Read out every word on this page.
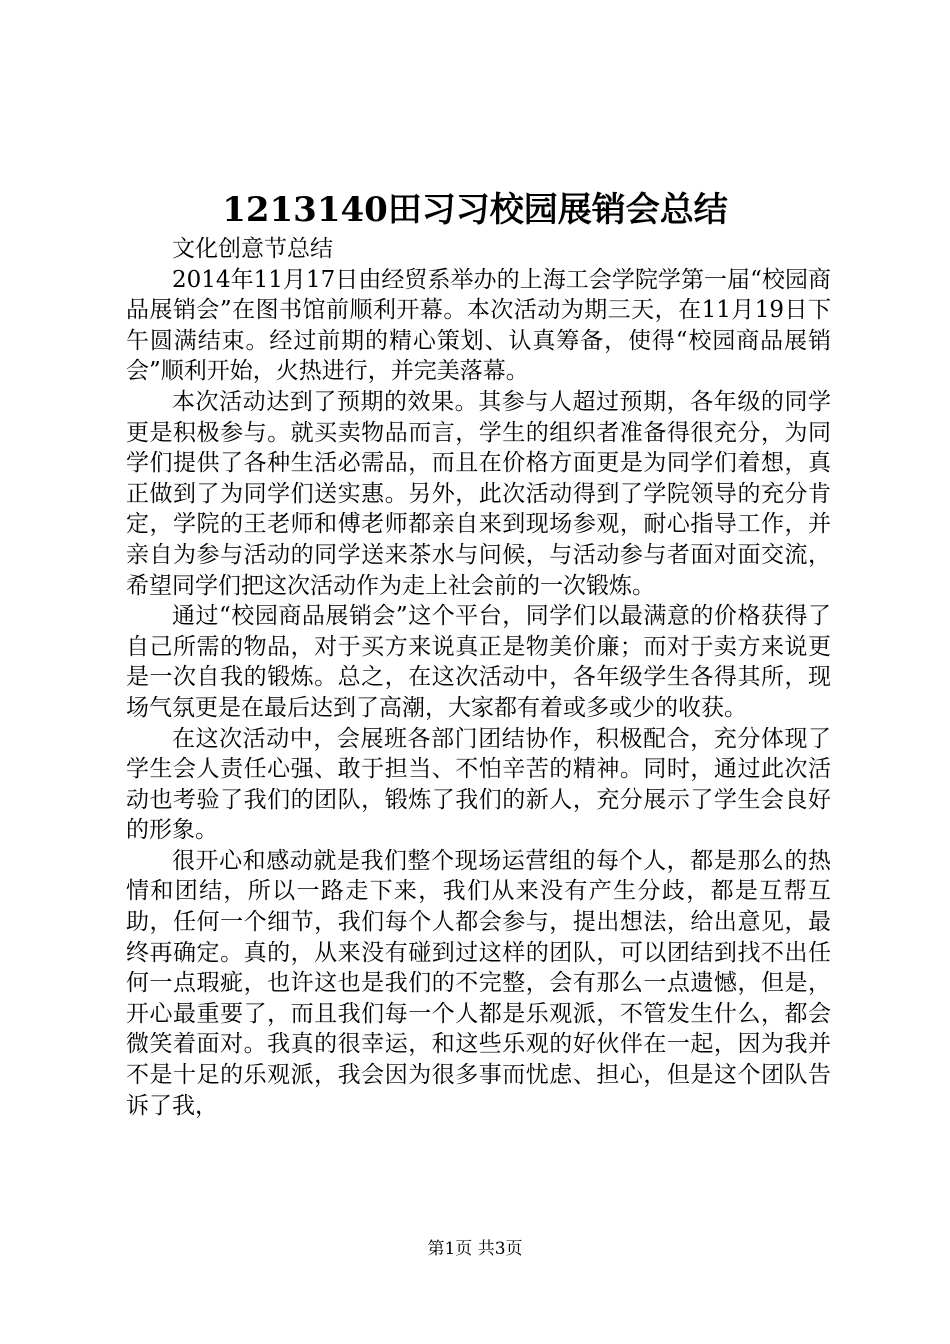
1213140田习习校园展销会总结

文化创意节总结

2014年11月17日由经贸系举办的上海工会学院学第一届“校园商品展销会”在图书馆前顺利开幕。本次活动为期三天，在11月19日下午圆满结束。经过前期的精心策划、认真筹备，使得“校园商品展销会”顺利开始，火热进行，并完美落幕。

本次活动达到了预期的效果。其参与人超过预期，各年级的同学更是积极参与。就买卖物品而言，学生的组织者准备得很充分，为同学们提供了各种生活必需品，而且在价格方面更是为同学们着想，真正做到了为同学们送实惠。另外，此次活动得到了学院领导的充分肯定，学院的王老师和傅老师都亲自来到现场参观，耐心指导工作，并亲自为参与活动的同学送来茶水与问候，与活动参与者面对面交流，希望同学们把这次活动作为走上社会前的一次锻炼。

通过“校园商品展销会”这个平台，同学们以最满意的价格获得了自己所需的物品，对于买方来说真正是物美价廉；而对于卖方来说更是一次自我的锻炼。总之，在这次活动中，各年级学生各得其所，现场气氛更是在最后达到了高潮，大家都有着或多或少的收获。

在这次活动中，会展班各部门团结协作，积极配合，充分体现了学生会人责任心强、敢于担当、不怕辛苦的精神。同时，通过此次活动也考验了我们的团队，锻炼了我们的新人，充分展示了学生会良好的形象。

很开心和感动就是我们整个现场运营组的每个人，都是那么的热情和团结，所以一路走下来，我们从来没有产生分歧，都是互帮互助，任何一个细节，我们每个人都会参与，提出想法，给出意见，最终再确定。真的，从来没有碰到过这样的团队，可以团结到找不出任何一点瑕疵，也许这也是我们的不完整，会有那么一点遗憾，但是，开心最重要了，而且我们每一个人都是乐观派，不管发生什么，都会微笑着面对。我真的很幸运，和这些乐观的好伙伴在一起，因为我并不是十足的乐观派，我会因为很多事而忧虑、担心，但是这个团队告诉了我，

第1页 共3页
